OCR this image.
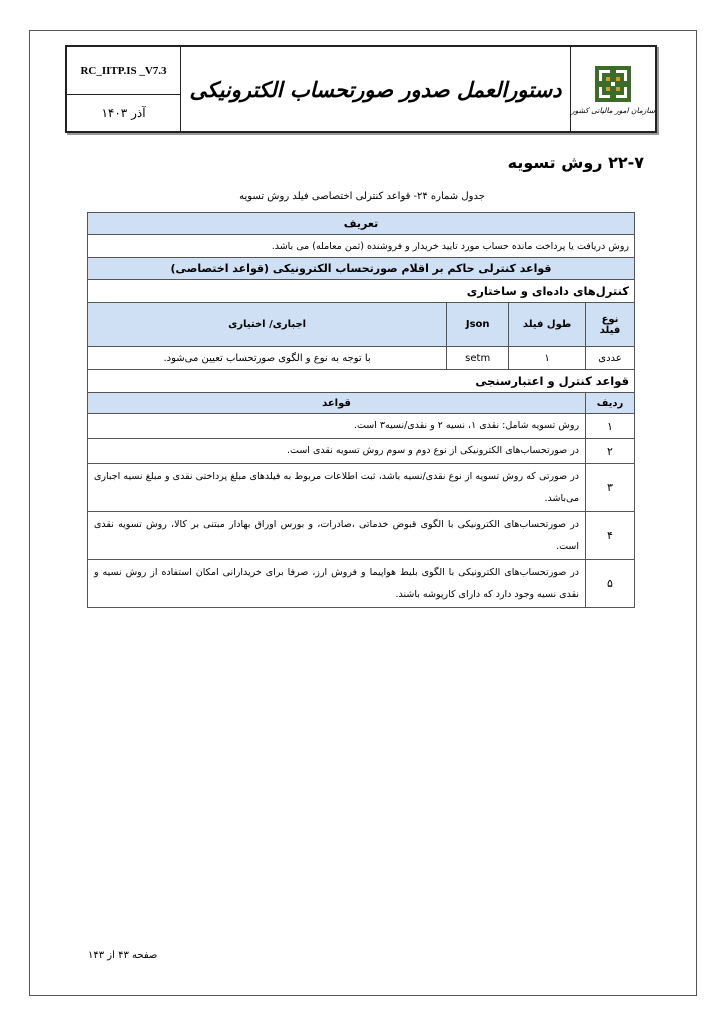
RC_IITP.IS _V7.3
آذر ۱۴۰۳
دستورالعمل صدور صورتحساب الکترونیکی
سازمان امور مالیاتی کشور
۲۲-۷ روش تسویه
جدول شماره ۲۴- قواعد کنترلی اختصاصی فیلد روش تسویه
تعریف			
روش دریافت یا پرداخت مانده حساب مورد تایید خریدار و فروشنده (ثمن معامله) می باشد.			
قواعد کنترلی حاکم بر اقلام صورتحساب الکترونیکی (قواعد اختصاصی)			
کنترل‌های داده‌ای و ساختاری			
نوع فیلد	طول فیلد	Json	اجباری/ اختیاری
عددی	۱	setm	با توجه به نوع و الگوی صورتحساب تعیین می‌شود.
قواعد کنترل و اعتبارسنجی			
ردیف	قواعد		
۱	روش تسویه شامل: نقدی ۱، نسیه ۲ و نقدی/نسیه۳ است.		
۲	در صورتحساب‌های الکترونیکی از نوع دوم و سوم روش تسویه نقدی است.		
۳	در صورتی که روش تسویه از نوع نقدی/نسیه باشد، ثبت اطلاعات مربوط به فیلدهای مبلغ پرداختی نقدی و مبلغ نسیه اجباری می‌باشد.		
۴	در صورتحساب‌های الکترونیکی با الگوی قبوض خدماتی ،صادرات، و بورس اوراق بهادار مبتنی بر کالا، روش تسویه نقدی است.		
۵	در صورتحساب‌های الکترونیکی با الگوی بلیط هواپیما و فروش ارز، صرفا برای خریدارانی امکان استفاده از روش نسیه و نقدی نسیه وجود دارد که دارای کارپوشه باشند.		
صفحه ۴۳ از ۱۴۳
